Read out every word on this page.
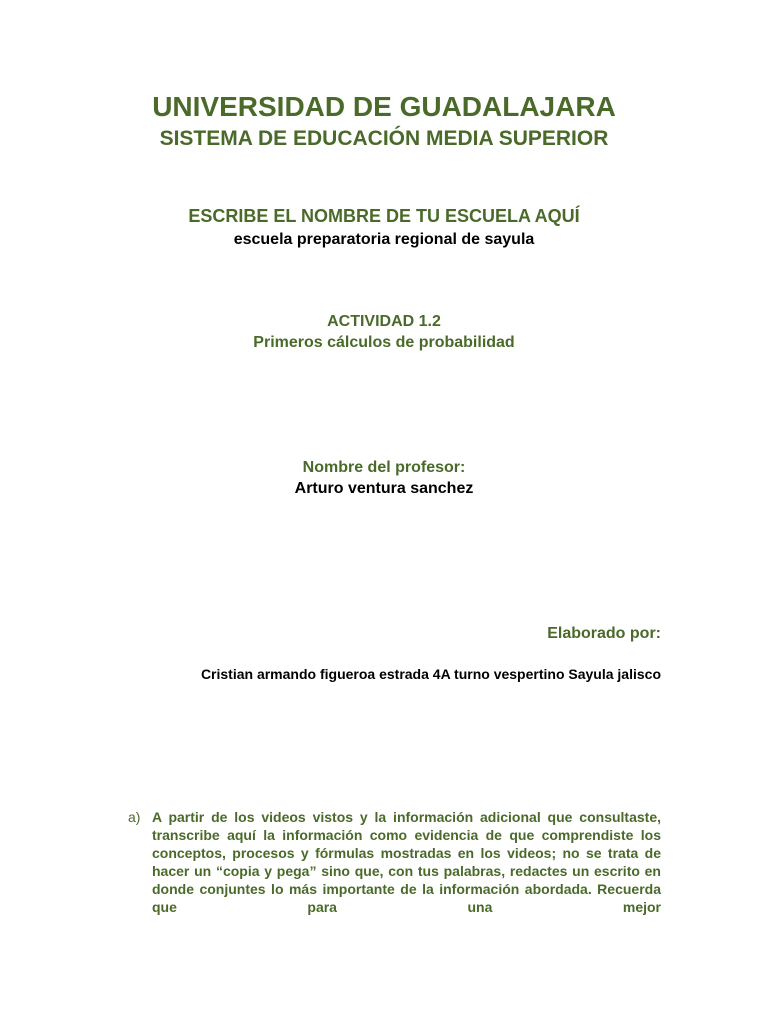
UNIVERSIDAD DE GUADALAJARA
SISTEMA DE EDUCACIÓN MEDIA SUPERIOR
ESCRIBE EL NOMBRE DE TU ESCUELA AQUÍ
escuela preparatoria regional de sayula
ACTIVIDAD 1.2
Primeros cálculos de probabilidad
Nombre del profesor:
Arturo ventura sanchez
Elaborado por:
Cristian armando figueroa estrada 4A turno vespertino Sayula jalisco
a) A partir de los videos vistos y la información adicional que consultaste, transcribe aquí la información como evidencia de que comprendiste los conceptos, procesos y fórmulas mostradas en los videos; no se trata de hacer un “copia y pega” sino que, con tus palabras, redactes un escrito en donde conjuntes lo más importante de la información abordada. Recuerda que para una mejor
